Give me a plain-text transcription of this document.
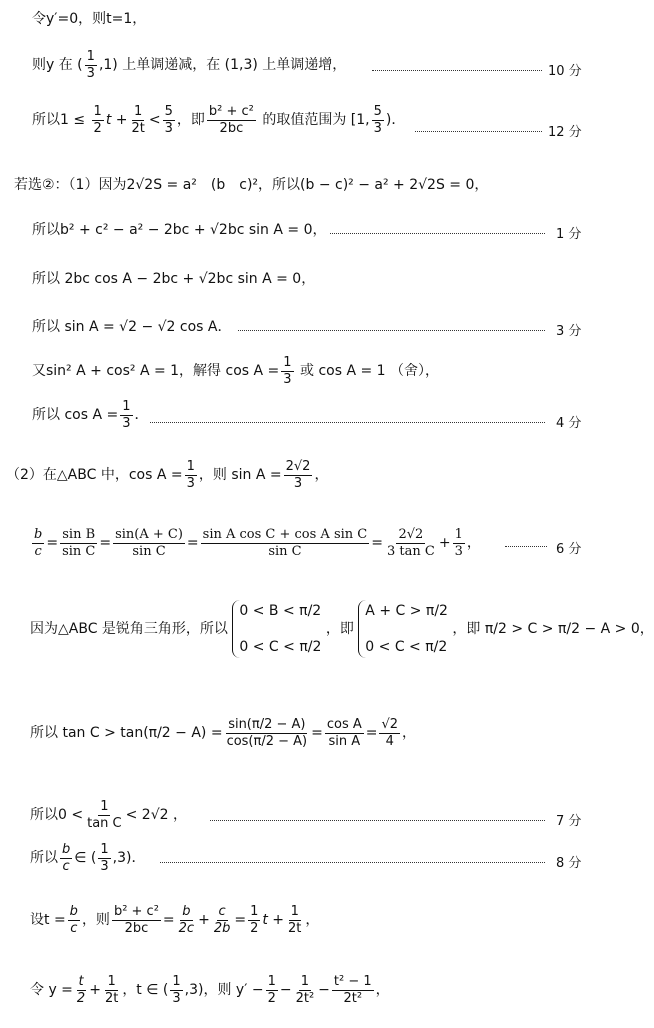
令y′=0，则t=1，
则y 在 ( $\frac{1}{3} ,1$) 上单调递减，在 (1,3) 上单调递增，	10 分
所以$1 \le \frac{1}{2}$ $t + \frac{1}{2t} < \frac{5}{3}$ ，即 $\frac{\text{b² + c²}}{2bc}$ 的取值范围为 [1, $\frac{5}{3}$ )．
12 分
若选②：（1）因为2√2S = a²　(b　c)²，所以(b − c)² − a² + 2√2S = 0，
所以b² + c² − a² − 2bc + √2bc sin A = 0，	1 分
所以 2bc cos A − 2bc + √2bc sin A = 0，
所以 sin A = √2 − √2 cos A．	3 分
又sin² A + cos² A = 1，解得 $\cos A = \frac{1}{3}$ 或 cos A = 1 （舍），
所以 $\cos A = \frac{1}{3}$ ．
4 分
（2）在△ABC 中，$\cos A = \frac{1}{3}$ ，则 $\sin A = \frac{2√2}{3}$ ，
$\frac{b}{c} = \frac{\text{sin B}}{\text{sin C}} = \frac{\sin(A + C)}{\text{sin C}} = \frac{\text{sin A cos C + cos A sin C}}{\text{sin C}} = \frac{2√2}{\text{3 tan C}} + \frac{1}{3}$ ，	6 分
因为△ABC 是锐角三角形，所以
0 < B < π/2
0 < C < π/2
，即
A + C > π/2
0 < C < π/2
，即 π/2 > C > π/2 − A > 0，
所以 $\tan C > \tan(\pi/2 - A) = \frac{\sin(\pi/2 - A)}{\cos(\pi/2 - A)} = \frac{\text{cos A}}{\text{sin A}} = \frac{√2}{4}$ ，
所以$0 < \frac{1}{\text{tan C}} < 2√2$ ，	7 分
所以 $\frac{b}{c}$ ∈ ( $\frac{1}{3} ,3$)．	8 分
设$t = \frac{b}{c}$ ，则 $\frac{\text{b² + c²}}{2bc} = \frac{b}{2c} + \frac{c}{2b} = \frac{1}{2}$ $t + \frac{1}{2t}$ ，
令 $y = \frac{t}{2} + \frac{1}{2t}$ ，t ∈ ( $\frac{1}{3} ,3$)，则 $y' - \frac{1}{2} - \frac{1}{\text{2t²}} - \frac{\text{t² − 1}}{\text{2t²}}$ ，
